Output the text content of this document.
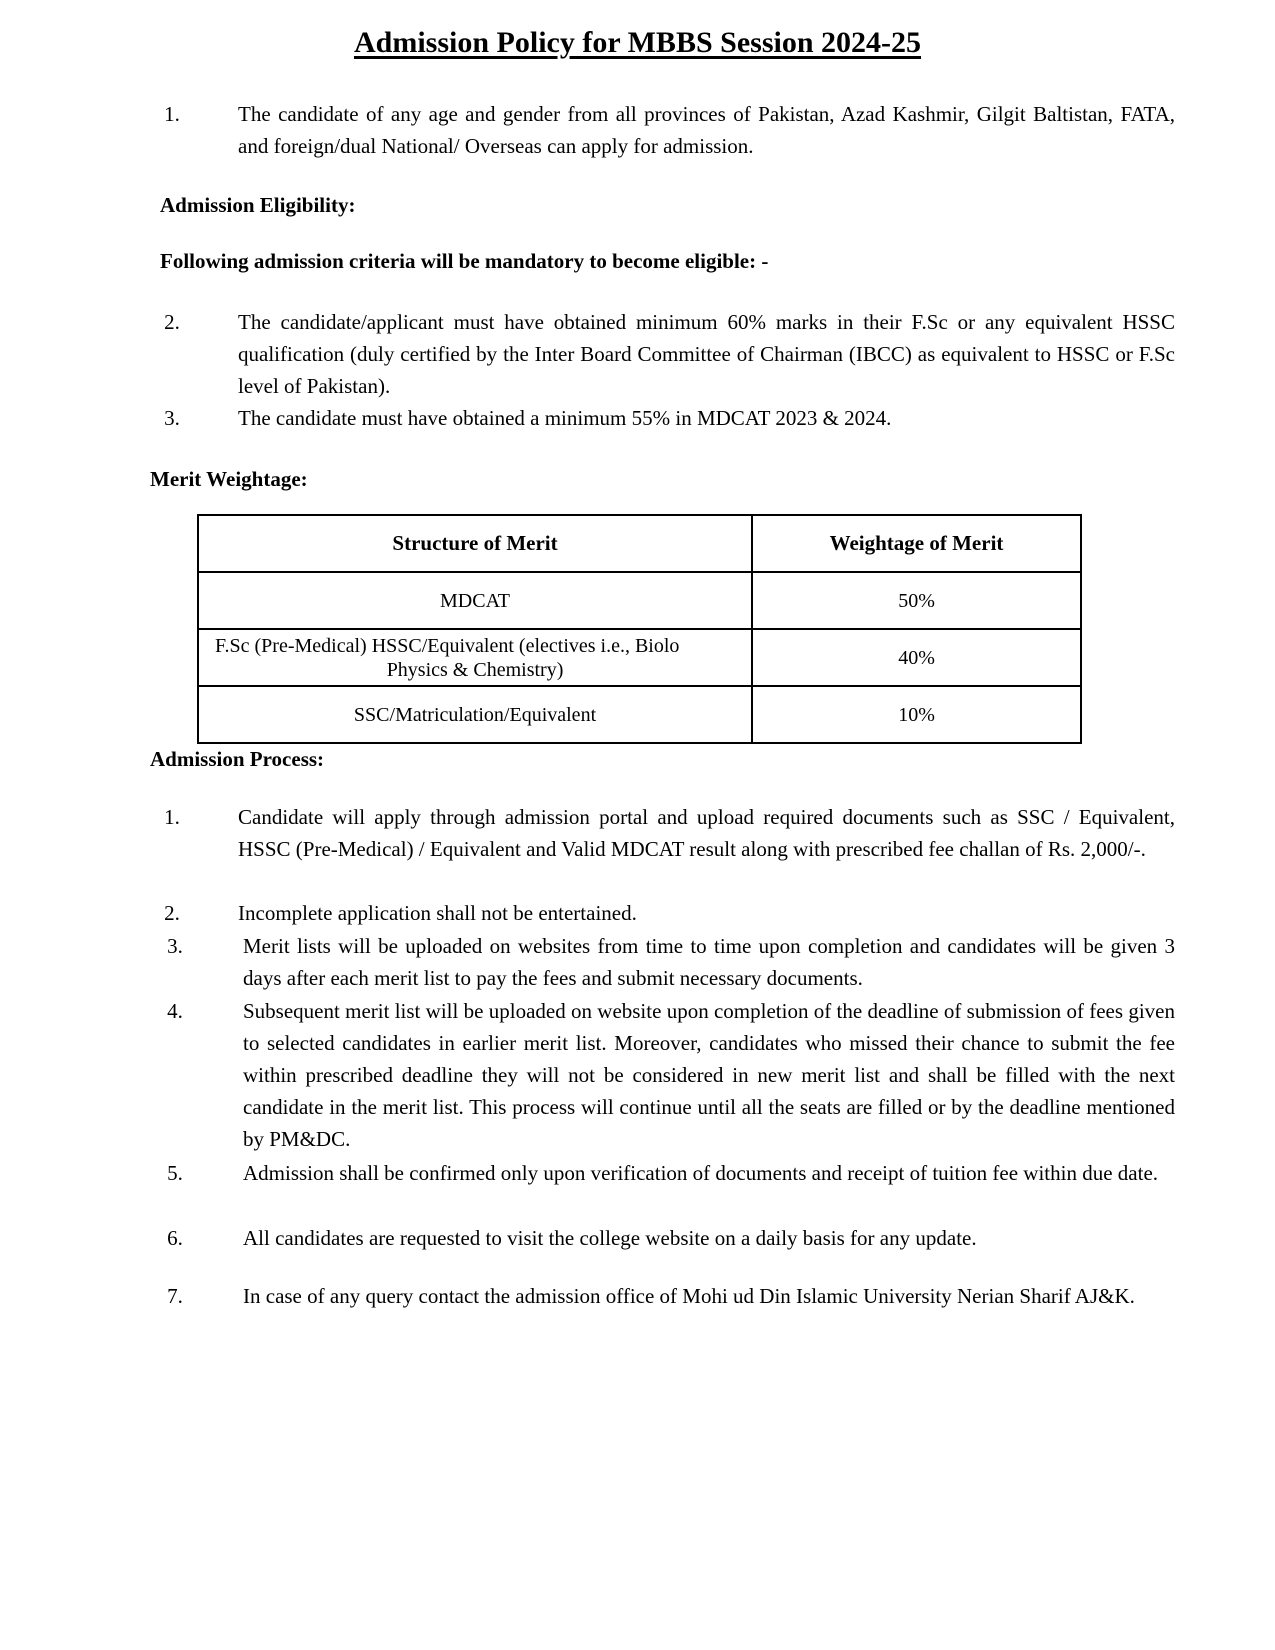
Admission Policy for MBBS Session 2024-25
1.	The candidate of any age and gender from all provinces of Pakistan, Azad Kashmir, Gilgit Baltistan, FATA, and foreign/dual National/ Overseas can apply for admission.
Admission Eligibility:
Following admission criteria will be mandatory to become eligible: -
2.	The candidate/applicant must have obtained minimum 60% marks in their F.Sc or any equivalent HSSC qualification (duly certified by the Inter Board Committee of Chairman (IBCC) as equivalent to HSSC or F.Sc level of Pakistan).
3.	The candidate must have obtained a minimum 55% in MDCAT 2023 & 2024.
Merit Weightage:
Structure of Merit	Weightage of Merit
MDCAT	50%

F.Sc (Pre-Medical) HSSC/Equivalent (electives i.e., Biolo
Physics & Chemistry)	40%
SSC/Matriculation/Equivalent	10%
Admission Process:
1.	Candidate will apply through admission portal and upload required documents such as SSC / Equivalent, HSSC (Pre-Medical) / Equivalent and Valid MDCAT result along with prescribed fee challan of Rs. 2,000/-.
2.	Incomplete application shall not be entertained.
3.	Merit lists will be uploaded on websites from time to time upon completion and candidates will be given 3 days after each merit list to pay the fees and submit necessary documents.
4.	Subsequent merit list will be uploaded on website upon completion of the deadline of submission of fees given to selected candidates in earlier merit list. Moreover, candidates who missed their chance to submit the fee within prescribed deadline they will not be considered in new merit list and shall be filled with the next candidate in the merit list. This process will continue until all the seats are filled or by the deadline mentioned by PM&DC.
5.	Admission shall be confirmed only upon verification of documents and receipt of tuition fee within due date.
6.	All candidates are requested to visit the college website on a daily basis for any update.
7.	In case of any query contact the admission office of Mohi ud Din Islamic University Nerian Sharif AJ&K.
